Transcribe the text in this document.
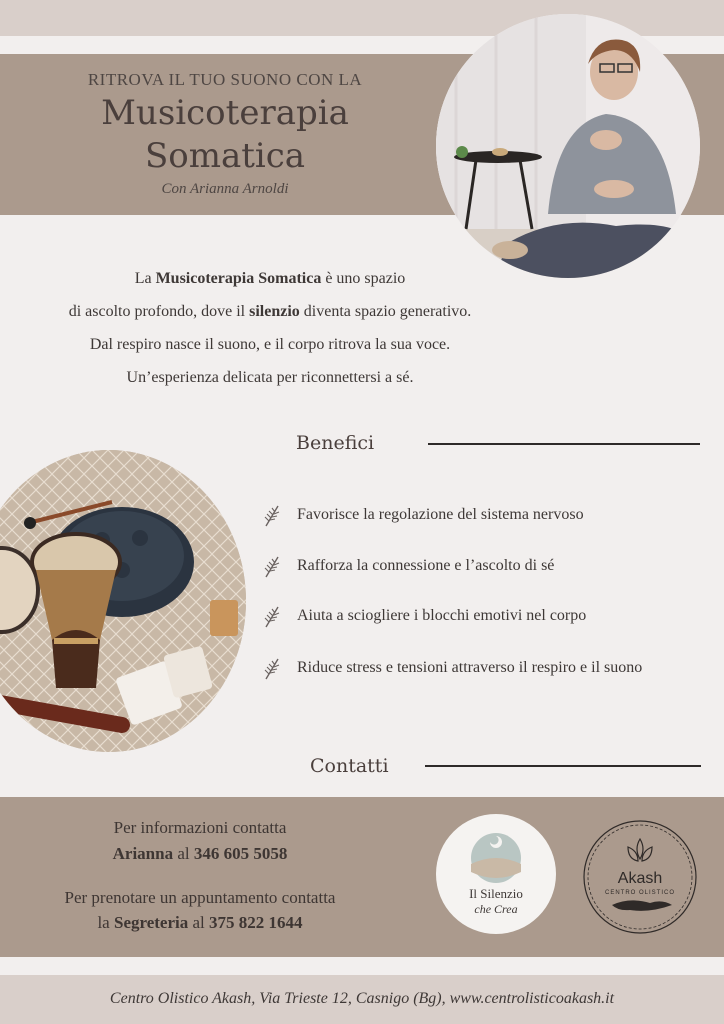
RITROVA IL TUO SUONO CON LA
Musicoterapia
Somatica
Con Arianna Arnoldi
La Musicoterapia Somatica è uno spazio
di ascolto profondo, dove il silenzio diventa spazio generativo.
Dal respiro nasce il suono, e il corpo ritrova la sua voce.
Un’esperienza delicata per riconnettersi a sé.
Benefici
Favorisce la regolazione del sistema nervoso
Rafforza la connessione e l’ascolto di sé
Aiuta a sciogliere i blocchi emotivi nel corpo
Riduce stress e tensioni attraverso il respiro e il suono
Contatti
Per informazioni contatta
Arianna al 346 605 5058
Per prenotare un appuntamento contatta
la Segreteria al 375 822 1644
Il Silenzio
che Crea
Akash
CENTRO OLISTICO
Centro Olistico Akash, Via Trieste 12, Casnigo (Bg), www.centrolisticoakash.it
